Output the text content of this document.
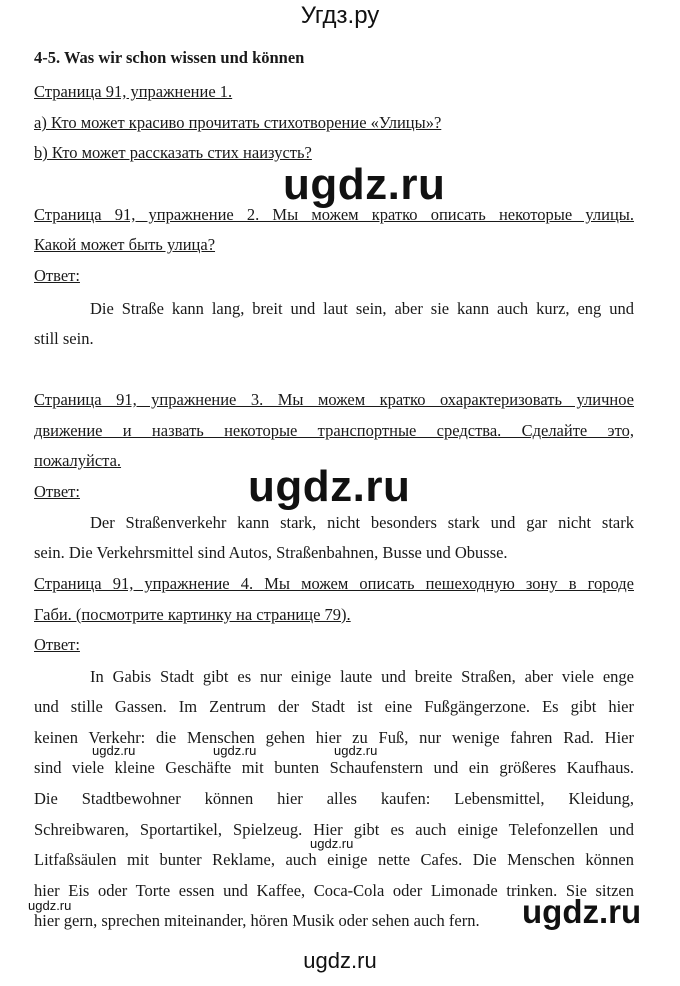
Угдз.ру
4-5. Was wir schon wissen und können
Страница 91, упражнение 1.
а) Кто может красиво прочитать стихотворение «Улицы»?
b) Кто может рассказать стих наизусть?
ugdz.ru
Страница 91, упражнение 2. Мы можем кратко описать некоторые улицы.
Какой может быть улица?
Ответ:
Die Straße kann lang, breit und laut sein, aber sie kann auch kurz, eng und
still sein.
Страница 91, упражнение 3. Мы можем кратко охарактеризовать уличное
движение и назвать некоторые транспортные средства. Сделайте это,
пожалуйста.
ugdz.ru
Ответ:
Der Straßenverkehr kann stark, nicht besonders stark und gar nicht stark
sein. Die Verkehrsmittel sind Autos, Straßenbahnen, Busse und Obusse.
Страница 91, упражнение 4. Мы можем описать пешеходную зону в городе
Габи. (посмотрите картинку на странице 79).
Ответ:
In Gabis Stadt gibt es nur einige laute und breite Straßen, aber viele enge
und stille Gassen. Im Zentrum der Stadt ist eine Fußgängerzone. Es gibt hier
keinen Verkehr: die Menschen gehen hier zu Fuß, nur wenige fahren Rad. Hier
ugdz.ru	ugdz.ru	ugdz.ru
sind viele kleine Geschäfte mit bunten Schaufenstern und ein größeres Kaufhaus.
Die Stadtbewohner können hier alles kaufen: Lebensmittel, Kleidung,
Schreibwaren, Sportartikel, Spielzeug. Hier gibt es auch einige Telefonzellen und
Litfaßsäulen mit bunter Reklame, auch einige nette Cafes. Die Menschen können
ugdz.ru
hier Eis oder Torte essen und Kaffee, Coca-Cola oder Limonade trinken. Sie sitzen
hier gern, sprechen miteinander, hören Musik oder sehen auch fern.
ugdz.ru	ugdz.ru
ugdz.ru
